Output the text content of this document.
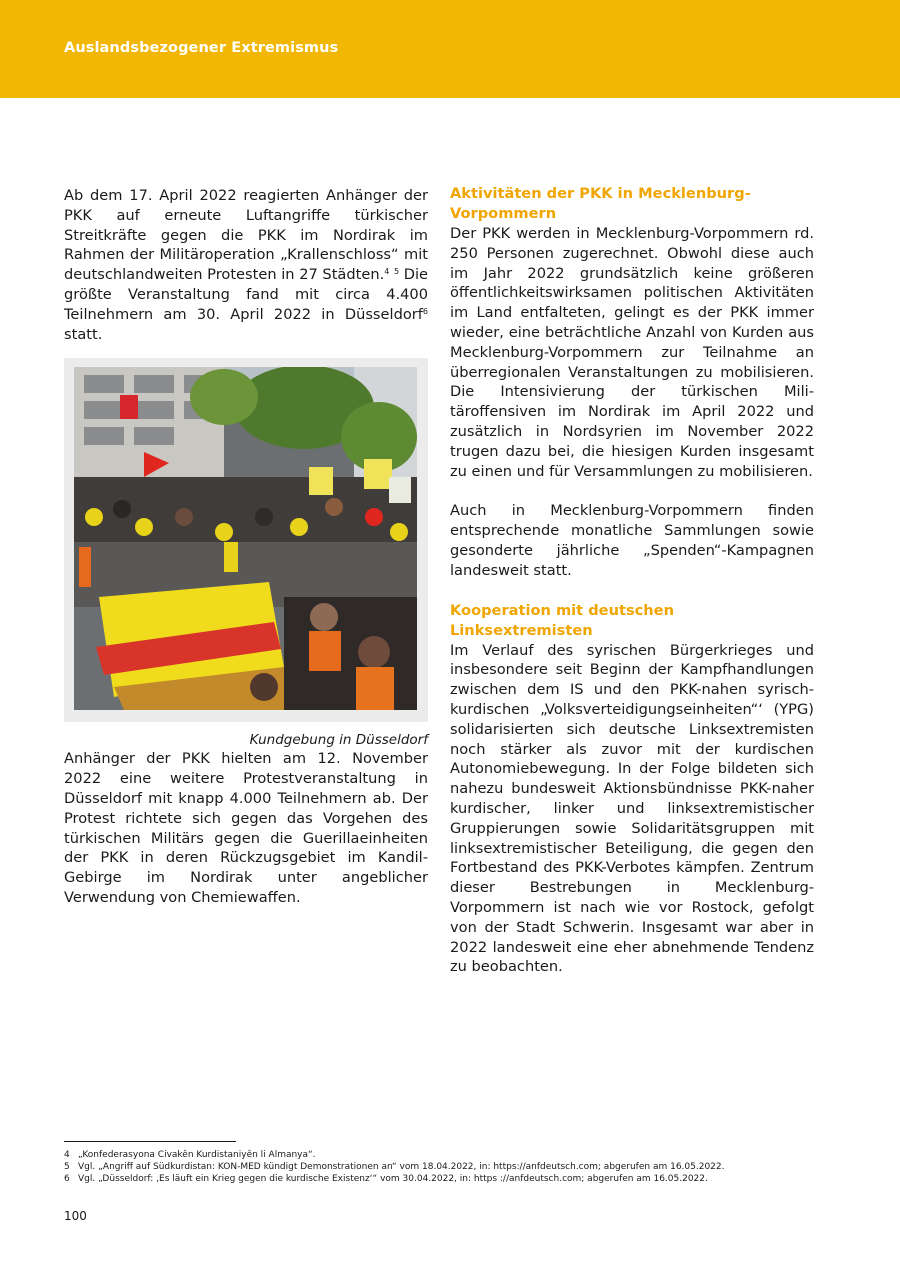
Auslandsbezogener Extremismus

Ab dem 17. April 2022 reagierten Anhänger der PKK auf erneute Luftangriffe türkischer Streitkräfte gegen die PKK im Nordirak im Rahmen der Militäroperation „Krallenschloss“ mit deutschlandweiten Protesten in 27 Städten.$^4$ $^5$ Die größte Veranstaltung fand mit circa 4.400 Teilnehmern am 30. April 2022 in Düsseldorf$^6$ statt.

Kundgebung in Düsseldorf

Anhänger der PKK hielten am 12. November 2022 eine weitere Protestveranstaltung in Düsseldorf mit knapp 4.000 Teilnehmern ab. Der Protest richtete sich gegen das Vorgehen des türkischen Militärs gegen die Guerillaeinheiten der PKK in deren Rückzugsgebiet im Kandil-Gebirge im Nordirak unter angeblicher Verwendung von Chemiewaffen.

Aktivitäten der PKK in Mecklenburg-Vorpommern

Der PKK werden in Mecklenburg-Vorpommern rd. 250 Personen zugerechnet. Obwohl diese auch im Jahr 2022 grundsätzlich keine größeren öffentlichkeitswirksamen politischen Aktivitäten im Land entfalteten, gelingt es der PKK immer wieder, eine beträchtliche Anzahl von Kurden aus Mecklenburg-Vorpommern zur Teilnahme an überregionalen Veranstaltungen zu mobilisieren. Die Intensivierung der türkischen Militäroffensiven im Nordirak im April 2022 und zusätzlich in Nordsyrien im November 2022 trugen dazu bei, die hiesigen Kurden insgesamt zu einen und für Versammlungen zu mobilisieren.

Auch in Mecklenburg-Vorpommern finden entsprechende monatliche Sammlungen sowie gesonderte jährliche „Spenden“-Kampagnen landesweit statt.

Kooperation mit deutschen Linksextremisten

Im Verlauf des syrischen Bürgerkrieges und insbesondere seit Beginn der Kampfhandlungen zwischen dem IS und den PKK-nahen syrisch-kurdischen „Volksverteidigungseinheiten“‘ (YPG) solidarisierten sich deutsche Linksextremisten noch stärker als zuvor mit der kurdischen Autonomiebewegung. In der Folge bildeten sich nahezu bundesweit Aktionsbündnisse PKK-naher kurdischer, linker und linksextremistischer Gruppierungen sowie Solidaritätsgruppen mit linksextremistischer Beteiligung, die gegen den Fortbestand des PKK-Verbotes kämpfen. Zentrum dieser Bestrebungen in Mecklenburg-Vorpommern ist nach wie vor Rostock, gefolgt von der Stadt Schwerin. Insgesamt war aber in 2022 landesweit eine eher abnehmende Tendenz zu beobachten.

4 „Konfederasyona Civakên Kurdistaniyên li Almanya“.
5 Vgl. „Angriff auf Südkurdistan: KON-MED kündigt Demonstrationen an“ vom 18.04.2022, in: https://anfdeutsch.com; abgerufen am 16.05.2022.
6 Vgl. „Düsseldorf: ‚Es läuft ein Krieg gegen die kurdische Existenz‘“ vom 30.04.2022, in: https ://anfdeutsch.com; abgerufen am 16.05.2022.
100
